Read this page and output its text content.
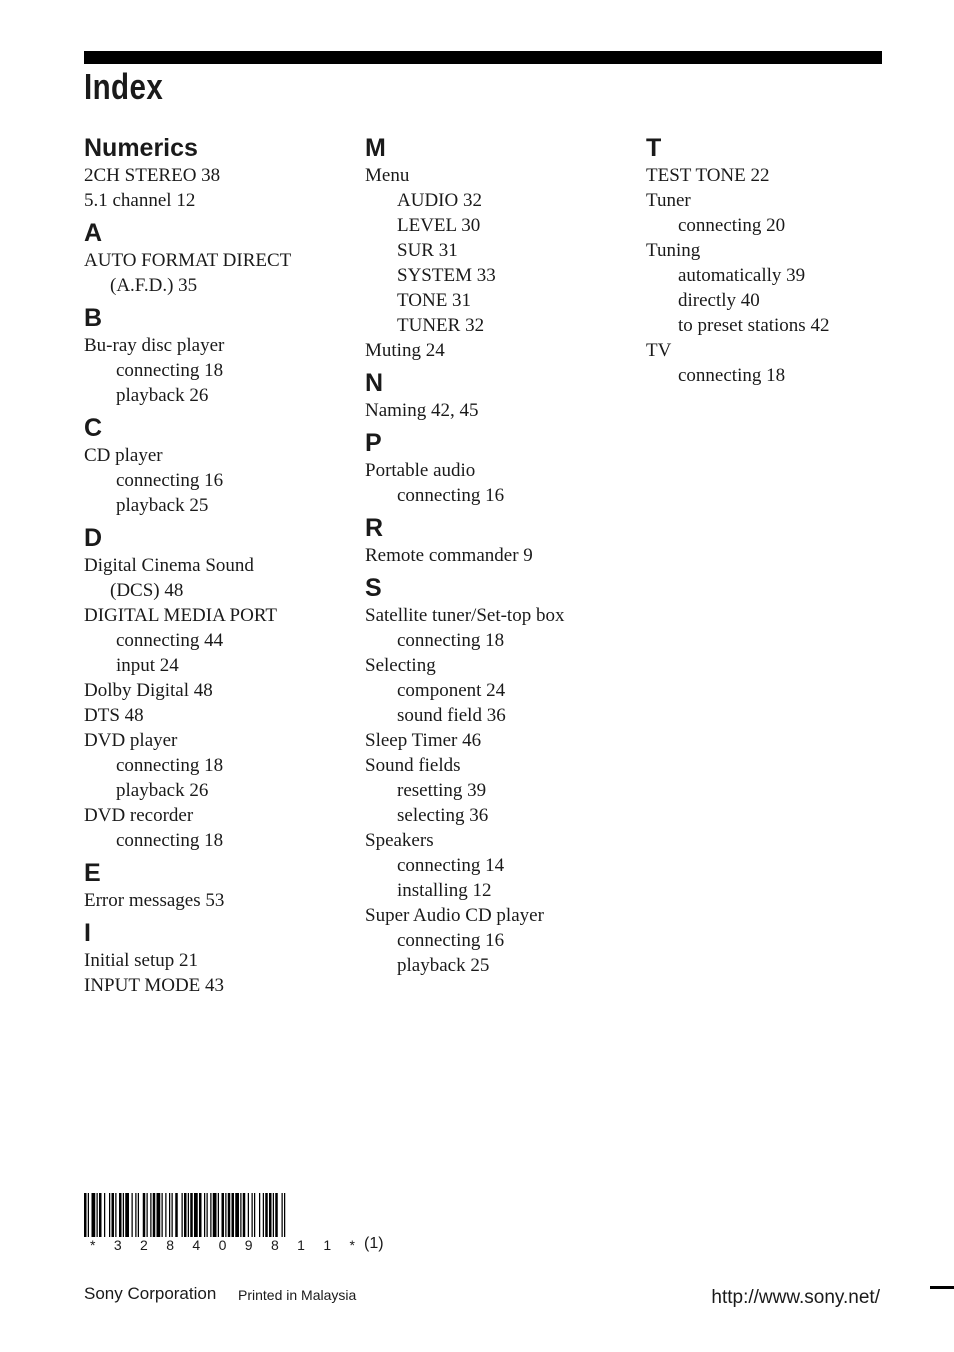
Index
Numerics
2CH STEREO 38
5.1 channel 12
A
AUTO FORMAT DIRECT
(A.F.D.) 35
B
Bu-ray disc player
connecting 18
playback 26
C
CD player
connecting 16
playback 25
D
Digital Cinema Sound
(DCS) 48
DIGITAL MEDIA PORT
connecting 44
input 24
Dolby Digital 48
DTS 48
DVD player
connecting 18
playback 26
DVD recorder
connecting 18
E
Error messages 53
I
Initial setup 21
INPUT MODE 43
M
Menu
AUDIO 32
LEVEL 30
SUR 31
SYSTEM 33
TONE 31
TUNER 32
Muting 24
N
Naming 42, 45
P
Portable audio
connecting 16
R
Remote commander 9
S
Satellite tuner/Set-top box
connecting 18
Selecting
component 24
sound field 36
Sleep Timer 46
Sound fields
resetting 39
selecting 36
Speakers
connecting 14
installing 12
Super Audio CD player
connecting 16
playback 25
T
TEST TONE 22
Tuner
connecting 20
Tuning
automatically 39
directly 40
to preset stations 42
TV
connecting 18
* 3 2 8 4 0 9 8 1 1 * (1)
Sony Corporation Printed in Malaysia	http://www.sony.net/
